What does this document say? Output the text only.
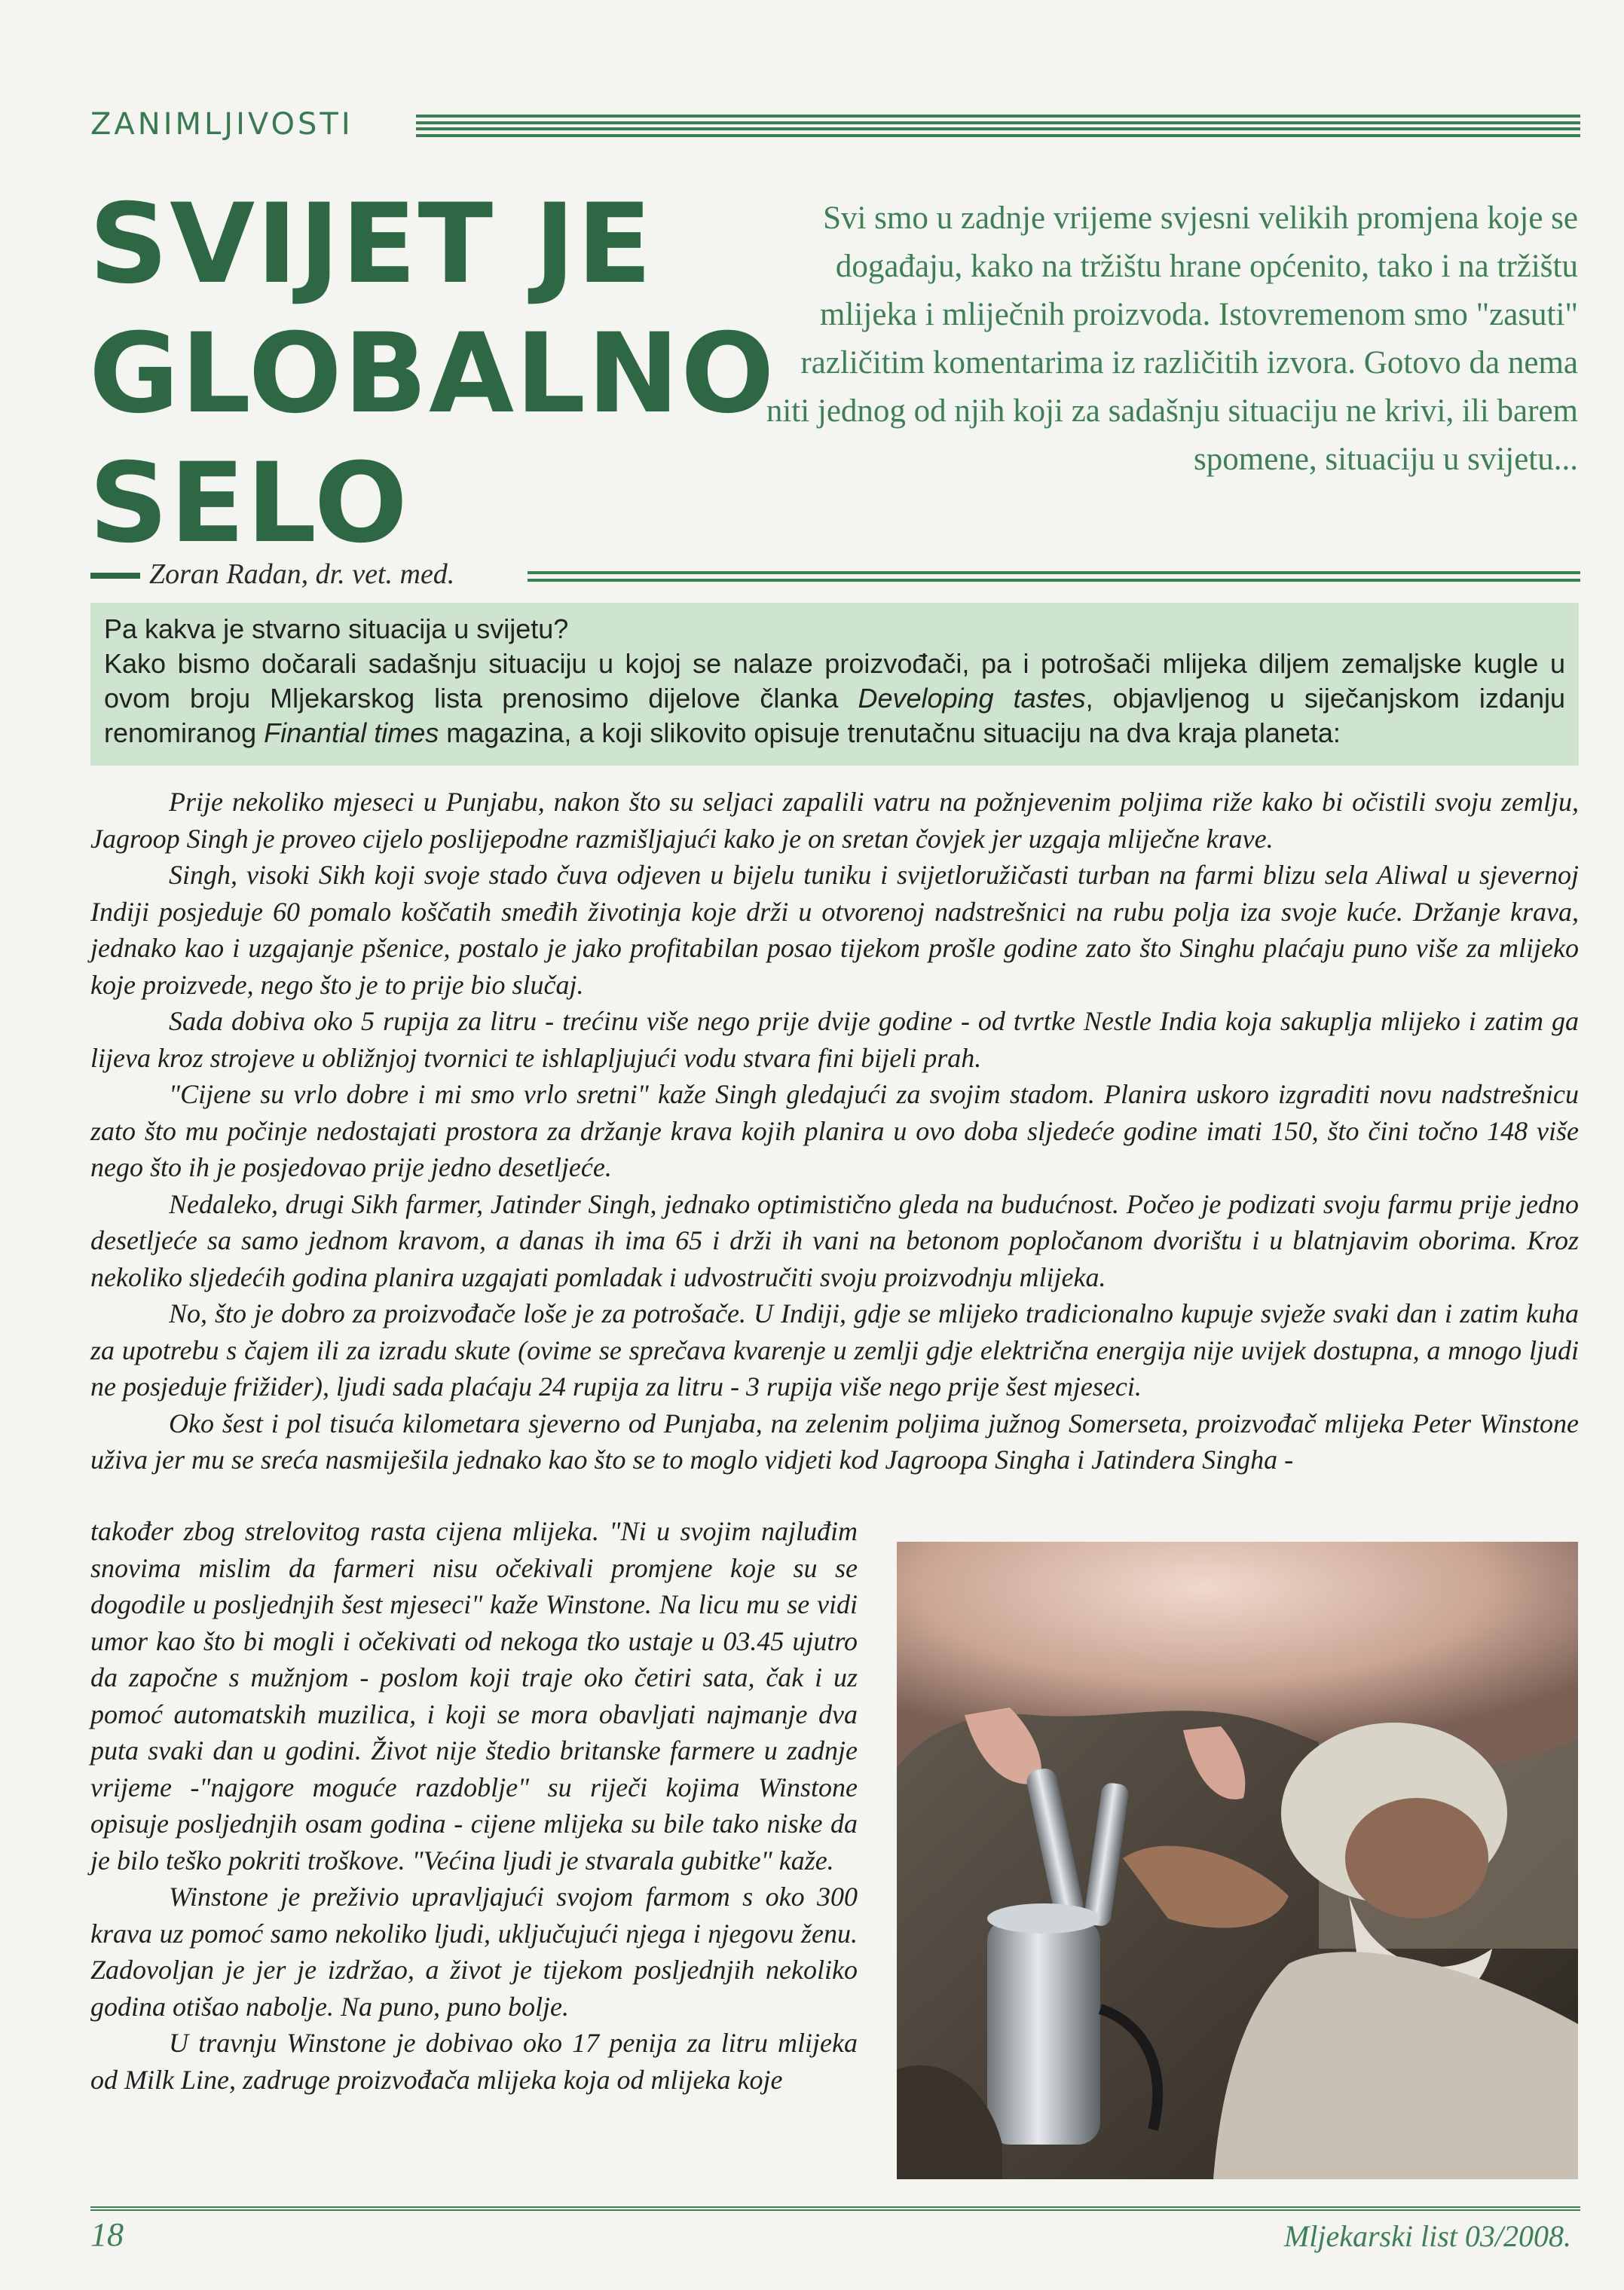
ZANIMLJIVOSTI
SVIJET JE
GLOBALNO
SELO
Svi smo u zadnje vrijeme svjesni velikih promjena koje se događaju, kako na tržištu hrane općenito, tako i na tržištu mlijeka i mliječnih proizvoda. Istovremenom smo "zasuti" različitim komentarima iz različitih izvora. Gotovo da nema niti jednog od njih koji za sadašnju situaciju ne krivi, ili barem spomene, situaciju u svijetu...
Zoran Radan, dr. vet. med.

Pa kakva je stvarno situacija u svijetu?

Kako bismo dočarali sadašnju situaciju u kojoj se nalaze proizvođači, pa i potrošači mlijeka diljem zemaljske kugle u ovom broju Mljekarskog lista prenosimo dijelove članka Developing tastes, objavljenog u siječanjskom izdanju renomiranog Finantial times magazina, a koji slikovito opisuje trenutačnu situaciju na dva kraja planeta:

Prije nekoliko mjeseci u Punjabu, nakon što su seljaci zapalili vatru na požnjevenim poljima riže kako bi očistili svoju zemlju, Jagroop Singh je proveo cijelo poslijepodne razmišljajući kako je on sretan čovjek jer uzgaja mliječne krave.

Singh, visoki Sikh koji svoje stado čuva odjeven u bijelu tuniku i svijetloružičasti turban na farmi blizu sela Aliwal u sjevernoj Indiji posjeduje 60 pomalo koščatih smeđih životinja koje drži u otvorenoj nadstrešnici na rubu polja iza svoje kuće. Držanje krava, jednako kao i uzgajanje pšenice, postalo je jako profitabilan posao tijekom prošle godine zato što Singhu plaćaju puno više za mlijeko koje proizvede, nego što je to prije bio slučaj.

Sada dobiva oko 5 rupija za litru - trećinu više nego prije dvije godine - od tvrtke Nestle India koja sakuplja mlijeko i zatim ga lijeva kroz strojeve u obližnjoj tvornici te ishlapljujući vodu stvara fini bijeli prah.

"Cijene su vrlo dobre i mi smo vrlo sretni" kaže Singh gledajući za svojim stadom. Planira uskoro izgraditi novu nadstrešnicu zato što mu počinje nedostajati prostora za držanje krava kojih planira u ovo doba sljedeće godine imati 150, što čini točno 148 više nego što ih je posjedovao prije jedno desetljeće.

Nedaleko, drugi Sikh farmer, Jatinder Singh, jednako optimistično gleda na budućnost. Počeo je podizati svoju farmu prije jedno desetljeće sa samo jednom kravom, a danas ih ima 65 i drži ih vani na betonom popločanom dvorištu i u blatnjavim oborima. Kroz nekoliko sljedećih godina planira uzgajati pomladak i udvostručiti svoju proizvodnju mlijeka.

No, što je dobro za proizvođače loše je za potrošače. U Indiji, gdje se mlijeko tradicionalno kupuje svježe svaki dan i zatim kuha za upotrebu s čajem ili za izradu skute (ovime se sprečava kvarenje u zemlji gdje električna energija nije uvijek dostupna, a mnogo ljudi ne posjeduje frižider), ljudi sada plaćaju 24 rupija za litru - 3 rupija više nego prije šest mjeseci.

Oko šest i pol tisuća kilometara sjeverno od Punjaba, na zelenim poljima južnog Somerseta, proizvođač mlijeka Peter Winstone uživa jer mu se sreća nasmiješila jednako kao što se to moglo vidjeti kod Jagroopa Singha i Jatindera Singha -

također zbog strelovitog rasta cijena mlijeka. "Ni u svojim najluđim snovima mislim da farmeri nisu očekivali promjene koje su se dogodile u posljednjih šest mjeseci" kaže Winstone. Na licu mu se vidi umor kao što bi mogli i očekivati od nekoga tko ustaje u 03.45 ujutro da započne s mužnjom - poslom koji traje oko četiri sata, čak i uz pomoć automatskih muzilica, i koji se mora obavljati najmanje dva puta svaki dan u godini. Život nije štedio britanske farmere u zadnje vrijeme -"najgore moguće razdoblje" su riječi kojima Winstone opisuje posljednjih osam godina - cijene mlijeka su bile tako niske da je bilo teško pokriti troškove. "Većina ljudi je stvarala gubitke" kaže.

Winstone je preživio upravljajući svojom farmom s oko 300 krava uz pomoć samo nekoliko ljudi, uključujući njega i njegovu ženu. Zadovoljan je jer je izdržao, a život je tijekom posljednjih nekoliko godina otišao nabolje. Na puno, puno bolje.

U travnju Winstone je dobivao oko 17 penija za litru mlijeka od Milk Line, zadruge proizvođača mlijeka koja od mlijeka koje

18	Mljekarski list 03/2008.
